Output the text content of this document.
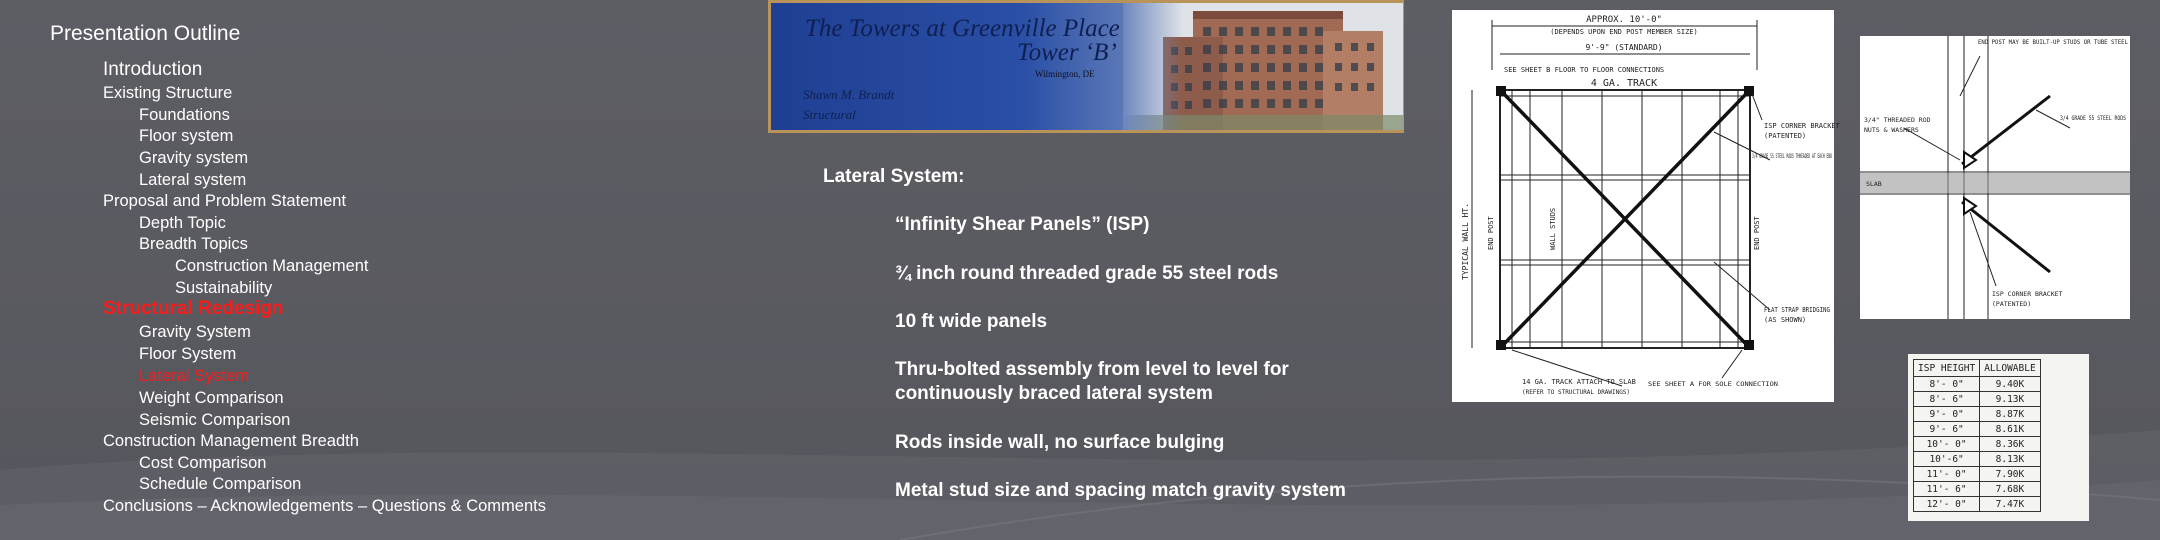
Presentation Outline
Introduction
Existing Structure
Foundations
Floor system
Gravity system
Lateral system
Proposal and Problem Statement
Depth Topic
Breadth Topics
Construction Management
Sustainability
Structural Redesign
Gravity System
Floor System
Lateral System
Weight Comparison
Seismic Comparison
Construction Management Breadth
Cost Comparison
Schedule Comparison
Conclusions – Acknowledgements – Questions & Comments
The Towers at Greenville Place
Tower ‘B’
Wilmington, DE
Shawn M. Brandt
Structural
Lateral System:
“Infinity Shear Panels” (ISP)
¾ inch round threaded grade 55 steel rods
10 ft wide panels
Thru-bolted assembly from level to level for continuously braced lateral system
Rods inside wall, no surface bulging
Metal stud size and spacing match gravity system
APPROX. 10'-0"
(DEPENDS UPON END POST MEMBER SIZE)
9'-9" (STANDARD)
SEE SHEET B FLOOR TO FLOOR CONNECTIONS
4 GA. TRACK
ISP CORNER BRACKET
(PATENTED)
3/4 GRADE 55 STEEL RODS THREADED AT EACH END
FLAT STRAP BRIDGING
(AS SHOWN)
END POST	END POST
WALL STUDS
TYPICAL WALL HT.
14 GA. TRACK ATTACH TO SLAB
(REFER TO STRUCTURAL DRAWINGS)
SEE SHEET A FOR SOLE CONNECTION
END POST MAY BE BUILT-UP STUDS OR TUBE STEEL
3/4" THREADED ROD
NUTS & WASHERS
3/4 GRADE 55 STEEL RODS
SLAB
ISP CORNER BRACKET
(PATENTED)
ISP HEIGHT	ALLOWABLE
8'- 0"	9.40K
8'- 6"	9.13K
9'- 0"	8.87K
9'- 6"	8.61K
10'- 0"	8.36K
10'-6"	8.13K
11'- 0"	7.90K
11'- 6"	7.68K
12'- 0"	7.47K
